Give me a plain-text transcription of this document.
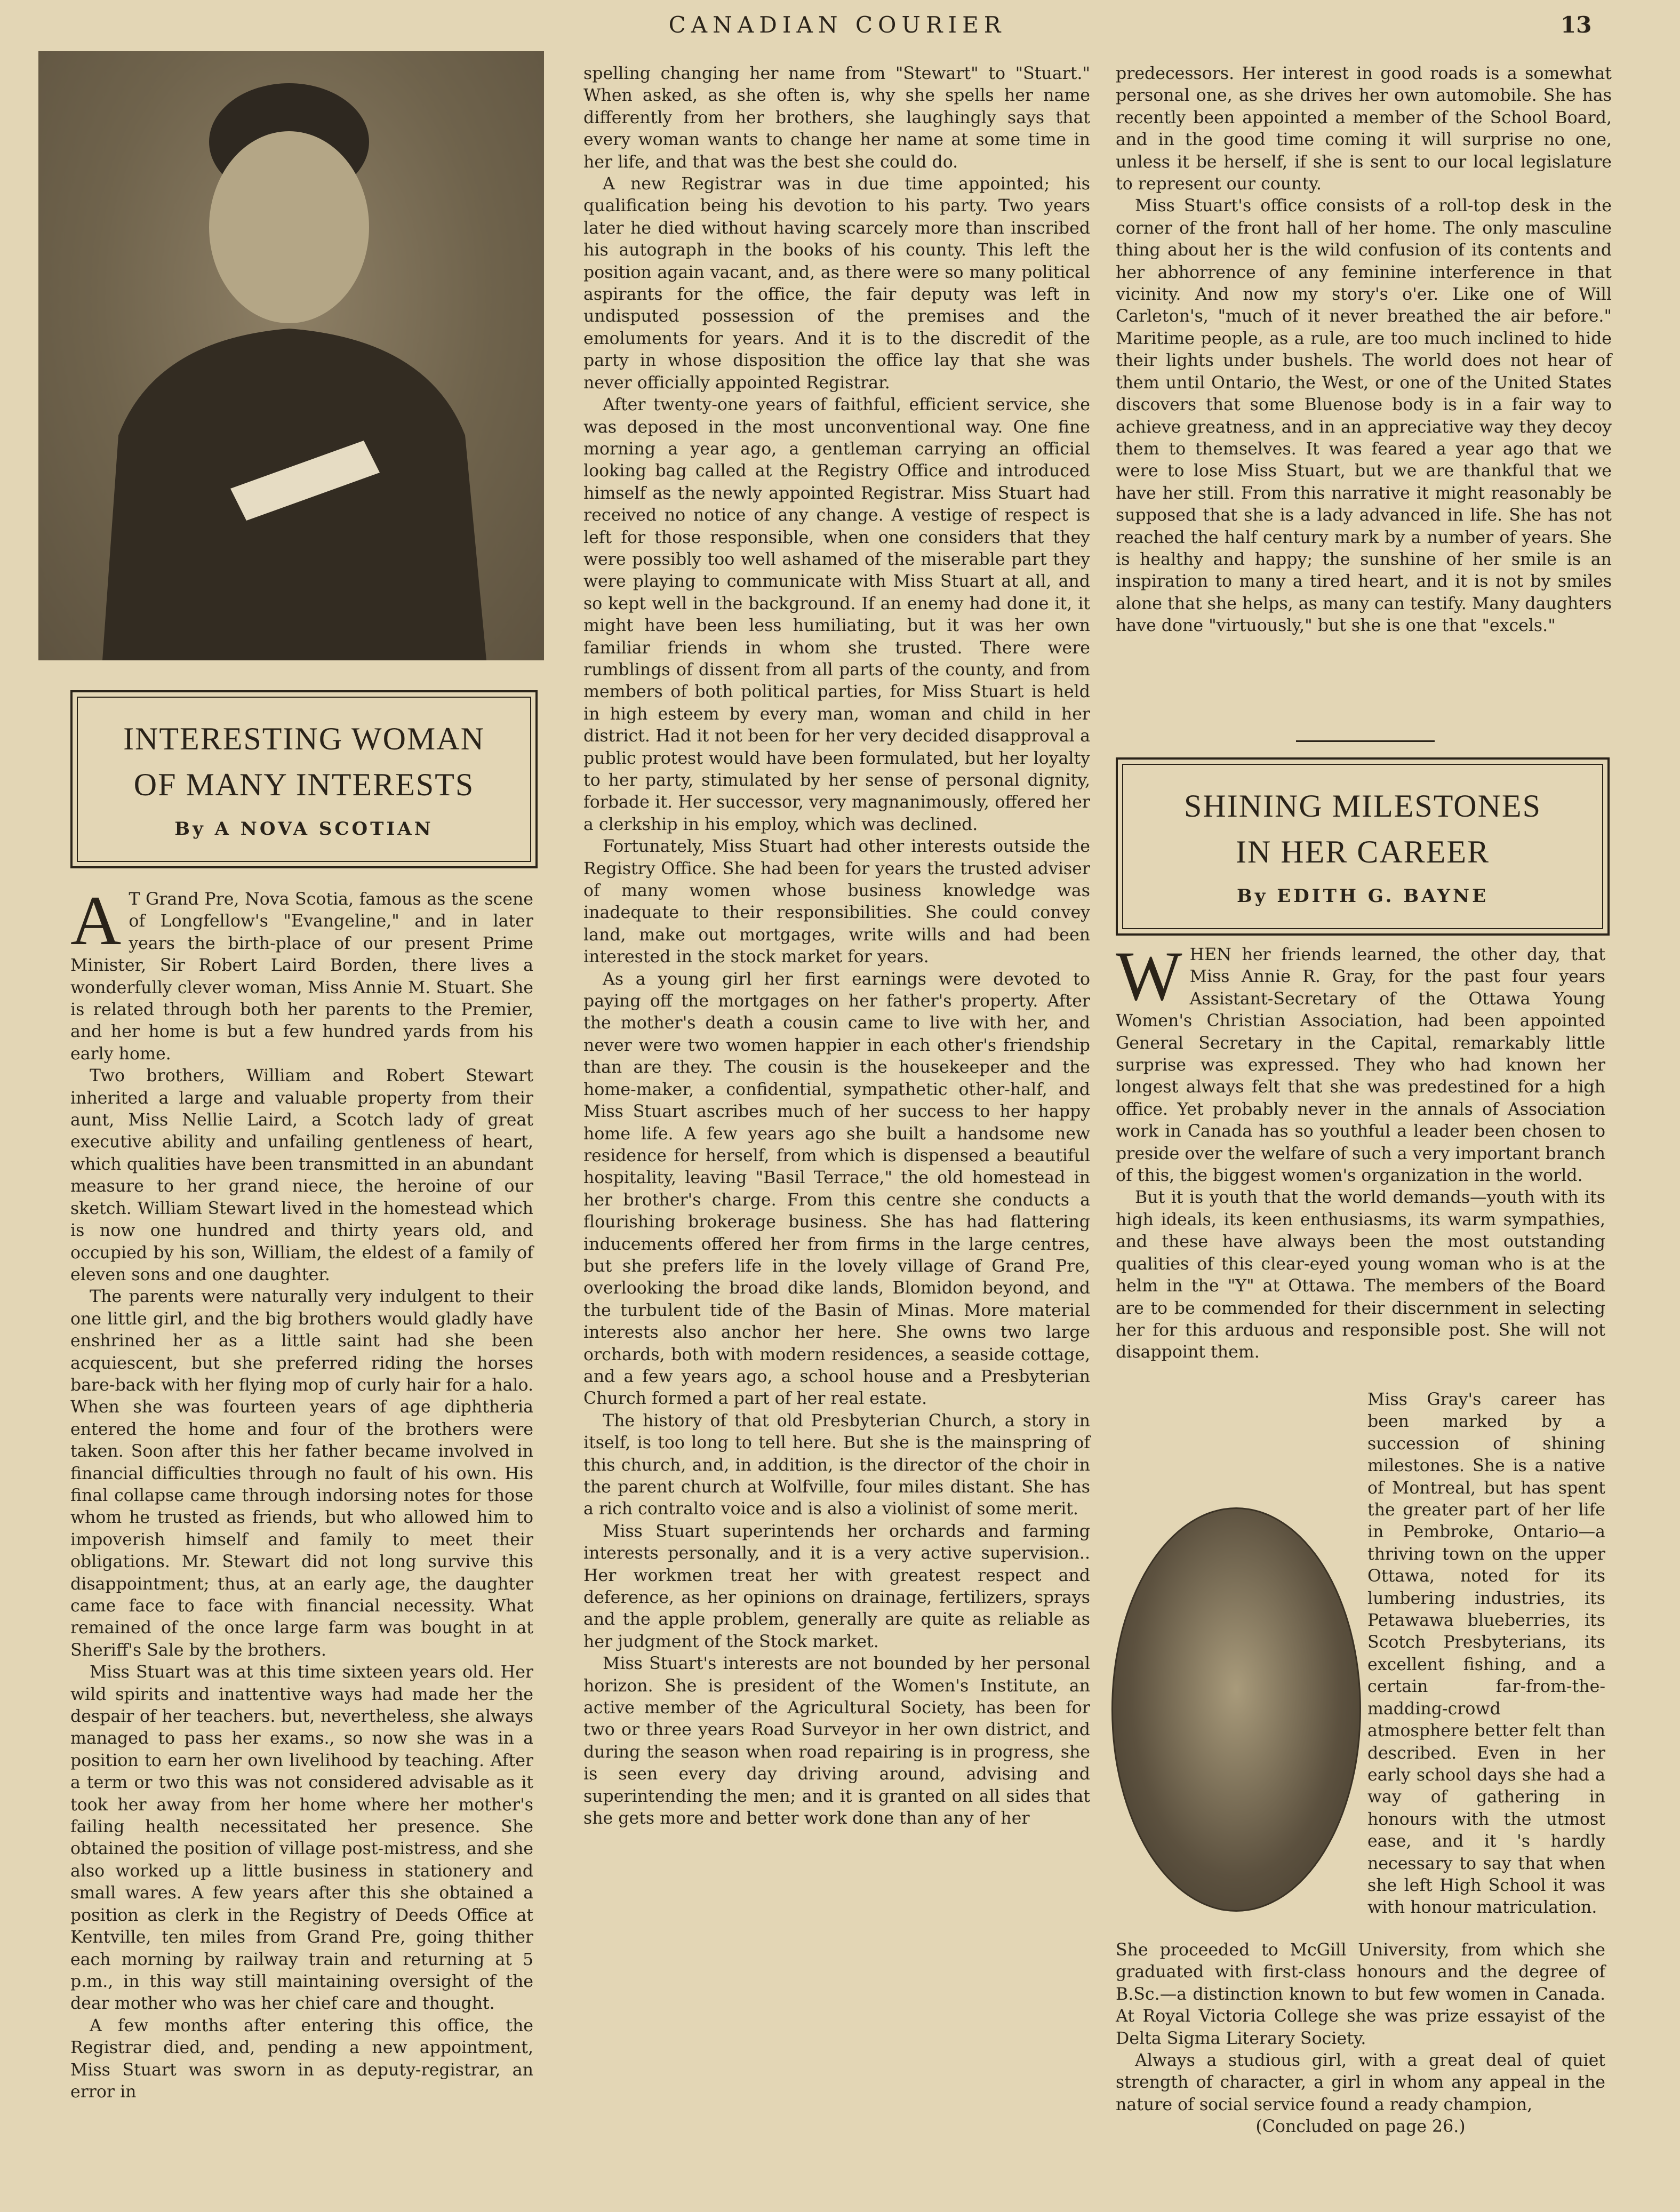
CANADIAN COURIER	13
INTERESTING WOMAN
OF MANY INTERESTS
By A NOVA SCOTIAN

A T Grand Pre, Nova Scotia, famous as the scene of Longfellow's "Evangeline," and in later years the birth-place of our present Prime Minister, Sir Robert Laird Borden, there lives a wonderfully clever woman, Miss Annie M. Stuart. She is related through both her parents to the Premier, and her home is but a few hundred yards from his early home.

Two brothers, William and Robert Stewart inherited a large and valuable property from their aunt, Miss Nellie Laird, a Scotch lady of great executive ability and unfailing gentleness of heart, which qualities have been transmitted in an abundant measure to her grand niece, the heroine of our sketch. William Stewart lived in the homestead which is now one hundred and thirty years old, and occupied by his son, William, the eldest of a family of eleven sons and one daughter.

The parents were naturally very indulgent to their one little girl, and the big brothers would gladly have enshrined her as a little saint had she been acquiescent, but she preferred riding the horses bare-back with her flying mop of curly hair for a halo. When she was fourteen years of age diphtheria entered the home and four of the brothers were taken. Soon after this her father became involved in financial difficulties through no fault of his own. His final collapse came through indorsing notes for those whom he trusted as friends, but who allowed him to impoverish himself and family to meet their obligations. Mr. Stewart did not long survive this disappointment; thus, at an early age, the daughter came face to face with financial necessity. What remained of the once large farm was bought in at Sheriff's Sale by the brothers.

Miss Stuart was at this time sixteen years old. Her wild spirits and inattentive ways had made her the despair of her teachers. but, nevertheless, she always managed to pass her exams., so now she was in a position to earn her own livelihood by teaching. After a term or two this was not considered advisable as it took her away from her home where her mother's failing health necessitated her presence. She obtained the position of village post-mistress, and she also worked up a little business in stationery and small wares. A few years after this she obtained a position as clerk in the Registry of Deeds Office at Kentville, ten miles from Grand Pre, going thither each morning by railway train and returning at 5 p.m., in this way still maintaining oversight of the dear mother who was her chief care and thought.

A few months after entering this office, the Registrar died, and, pending a new appointment, Miss Stuart was sworn in as deputy-registrar, an error in

spelling changing her name from "Stewart" to "Stuart." When asked, as she often is, why she spells her name differently from her brothers, she laughingly says that every woman wants to change her name at some time in her life, and that was the best she could do.

A new Registrar was in due time appointed; his qualification being his devotion to his party. Two years later he died without having scarcely more than inscribed his autograph in the books of his county. This left the position again vacant, and, as there were so many political aspirants for the office, the fair deputy was left in undisputed possession of the premises and the emoluments for years. And it is to the discredit of the party in whose disposition the office lay that she was never officially appointed Registrar.

After twenty-one years of faithful, efficient service, she was deposed in the most unconventional way. One fine morning a year ago, a gentleman carrying an official looking bag called at the Registry Office and introduced himself as the newly appointed Registrar. Miss Stuart had received no notice of any change. A vestige of respect is left for those responsible, when one considers that they were possibly too well ashamed of the miserable part they were playing to communicate with Miss Stuart at all, and so kept well in the background. If an enemy had done it, it might have been less humiliating, but it was her own familiar friends in whom she trusted. There were rumblings of dissent from all parts of the county, and from members of both political parties, for Miss Stuart is held in high esteem by every man, woman and child in her district. Had it not been for her very decided disapproval a public protest would have been formulated, but her loyalty to her party, stimulated by her sense of personal dignity, forbade it. Her successor, very magnanimously, offered her a clerkship in his employ, which was declined.

Fortunately, Miss Stuart had other interests outside the Registry Office. She had been for years the trusted adviser of many women whose business knowledge was inadequate to their responsibilities. She could convey land, make out mortgages, write wills and had been interested in the stock market for years.

As a young girl her first earnings were devoted to paying off the mortgages on her father's property. After the mother's death a cousin came to live with her, and never were two women happier in each other's friendship than are they. The cousin is the housekeeper and the home-maker, a confidential, sympathetic other-half, and Miss Stuart ascribes much of her success to her happy home life. A few years ago she built a handsome new residence for herself, from which is dispensed a beautiful hospitality, leaving "Basil Terrace," the old homestead in her brother's charge. From this centre she conducts a flourishing brokerage business. She has had flattering inducements offered her from firms in the large centres, but she prefers life in the lovely village of Grand Pre, overlooking the broad dike lands, Blomidon beyond, and the turbulent tide of the Basin of Minas. More material interests also anchor her here. She owns two large orchards, both with modern residences, a seaside cottage, and a few years ago, a school house and a Presbyterian Church formed a part of her real estate.

The history of that old Presbyterian Church, a story in itself, is too long to tell here. But she is the mainspring of this church, and, in addition, is the director of the choir in the parent church at Wolfville, four miles distant. She has a rich contralto voice and is also a violinist of some merit.

Miss Stuart superintends her orchards and farming interests personally, and it is a very active supervision.. Her workmen treat her with greatest respect and deference, as her opinions on drainage, fertilizers, sprays and the apple problem, generally are quite as reliable as her judgment of the Stock market.

Miss Stuart's interests are not bounded by her personal horizon. She is president of the Women's Institute, an active member of the Agricultural Society, has been for two or three years Road Surveyor in her own district, and during the season when road repairing is in progress, she is seen every day driving around, advising and superintending the men; and it is granted on all sides that she gets more and better work done than any of her

predecessors. Her interest in good roads is a somewhat personal one, as she drives her own automobile. She has recently been appointed a member of the School Board, and in the good time coming it will surprise no one, unless it be herself, if she is sent to our local legislature to represent our county.

Miss Stuart's office consists of a roll-top desk in the corner of the front hall of her home. The only masculine thing about her is the wild confusion of its contents and her abhorrence of any feminine interference in that vicinity. And now my story's o'er. Like one of Will Carleton's, "much of it never breathed the air before." Maritime people, as a rule, are too much inclined to hide their lights under bushels. The world does not hear of them until Ontario, the West, or one of the United States discovers that some Bluenose body is in a fair way to achieve greatness, and in an appreciative way they decoy them to themselves. It was feared a year ago that we were to lose Miss Stuart, but we are thankful that we have her still. From this narrative it might reasonably be supposed that she is a lady advanced in life. She has not reached the half century mark by a number of years. She is healthy and happy; the sunshine of her smile is an inspiration to many a tired heart, and it is not by smiles alone that she helps, as many can testify. Many daughters have done "virtuously," but she is one that "excels."

SHINING MILESTONES
IN HER CAREER
By EDITH G. BAYNE

WHEN her friends learned, the other day, that Miss Annie R. Gray, for the past four years Assistant-Secretary of the Ottawa Young Women's Christian Association, had been appointed General Secretary in the Capital, remarkably little surprise was expressed. They who had known her longest always felt that she was predestined for a high office. Yet probably never in the annals of Association work in Canada has so youthful a leader been chosen to preside over the welfare of such a very important branch of this, the biggest women's organization in the world.

But it is youth that the world demands—youth with its high ideals, its keen enthusiasms, its warm sympathies, and these have always been the most outstanding qualities of this clear-eyed young woman who is at the helm in the "Y" at Ottawa. The members of the Board are to be commended for their discernment in selecting her for this arduous and responsible post. She will not disappoint them.

Miss Gray's career has been marked by a succession of shining milestones. She is a native of Montreal, but has spent the greater part of her life in Pembroke, Ontario—a thriving town on the upper Ottawa, noted for its lumbering industries, its Petawawa blueberries, its Scotch Presbyterians, its excellent fishing, and a certain far-from-the-madding-crowd atmosphere better felt than described. Even in her early school days she had a way of gathering in honours with the utmost ease, and it 's hardly necessary to say that when she left High School it was with honour matriculation.

She proceeded to McGill University, from which she graduated with first-class honours and the degree of B.Sc.—a distinction known to but few women in Canada. At Royal Victoria College she was prize essayist of the Delta Sigma Literary Society.

Always a studious girl, with a great deal of quiet strength of character, a girl in whom any appeal in the nature of social service found a ready champion,

(Concluded on page 26.)
